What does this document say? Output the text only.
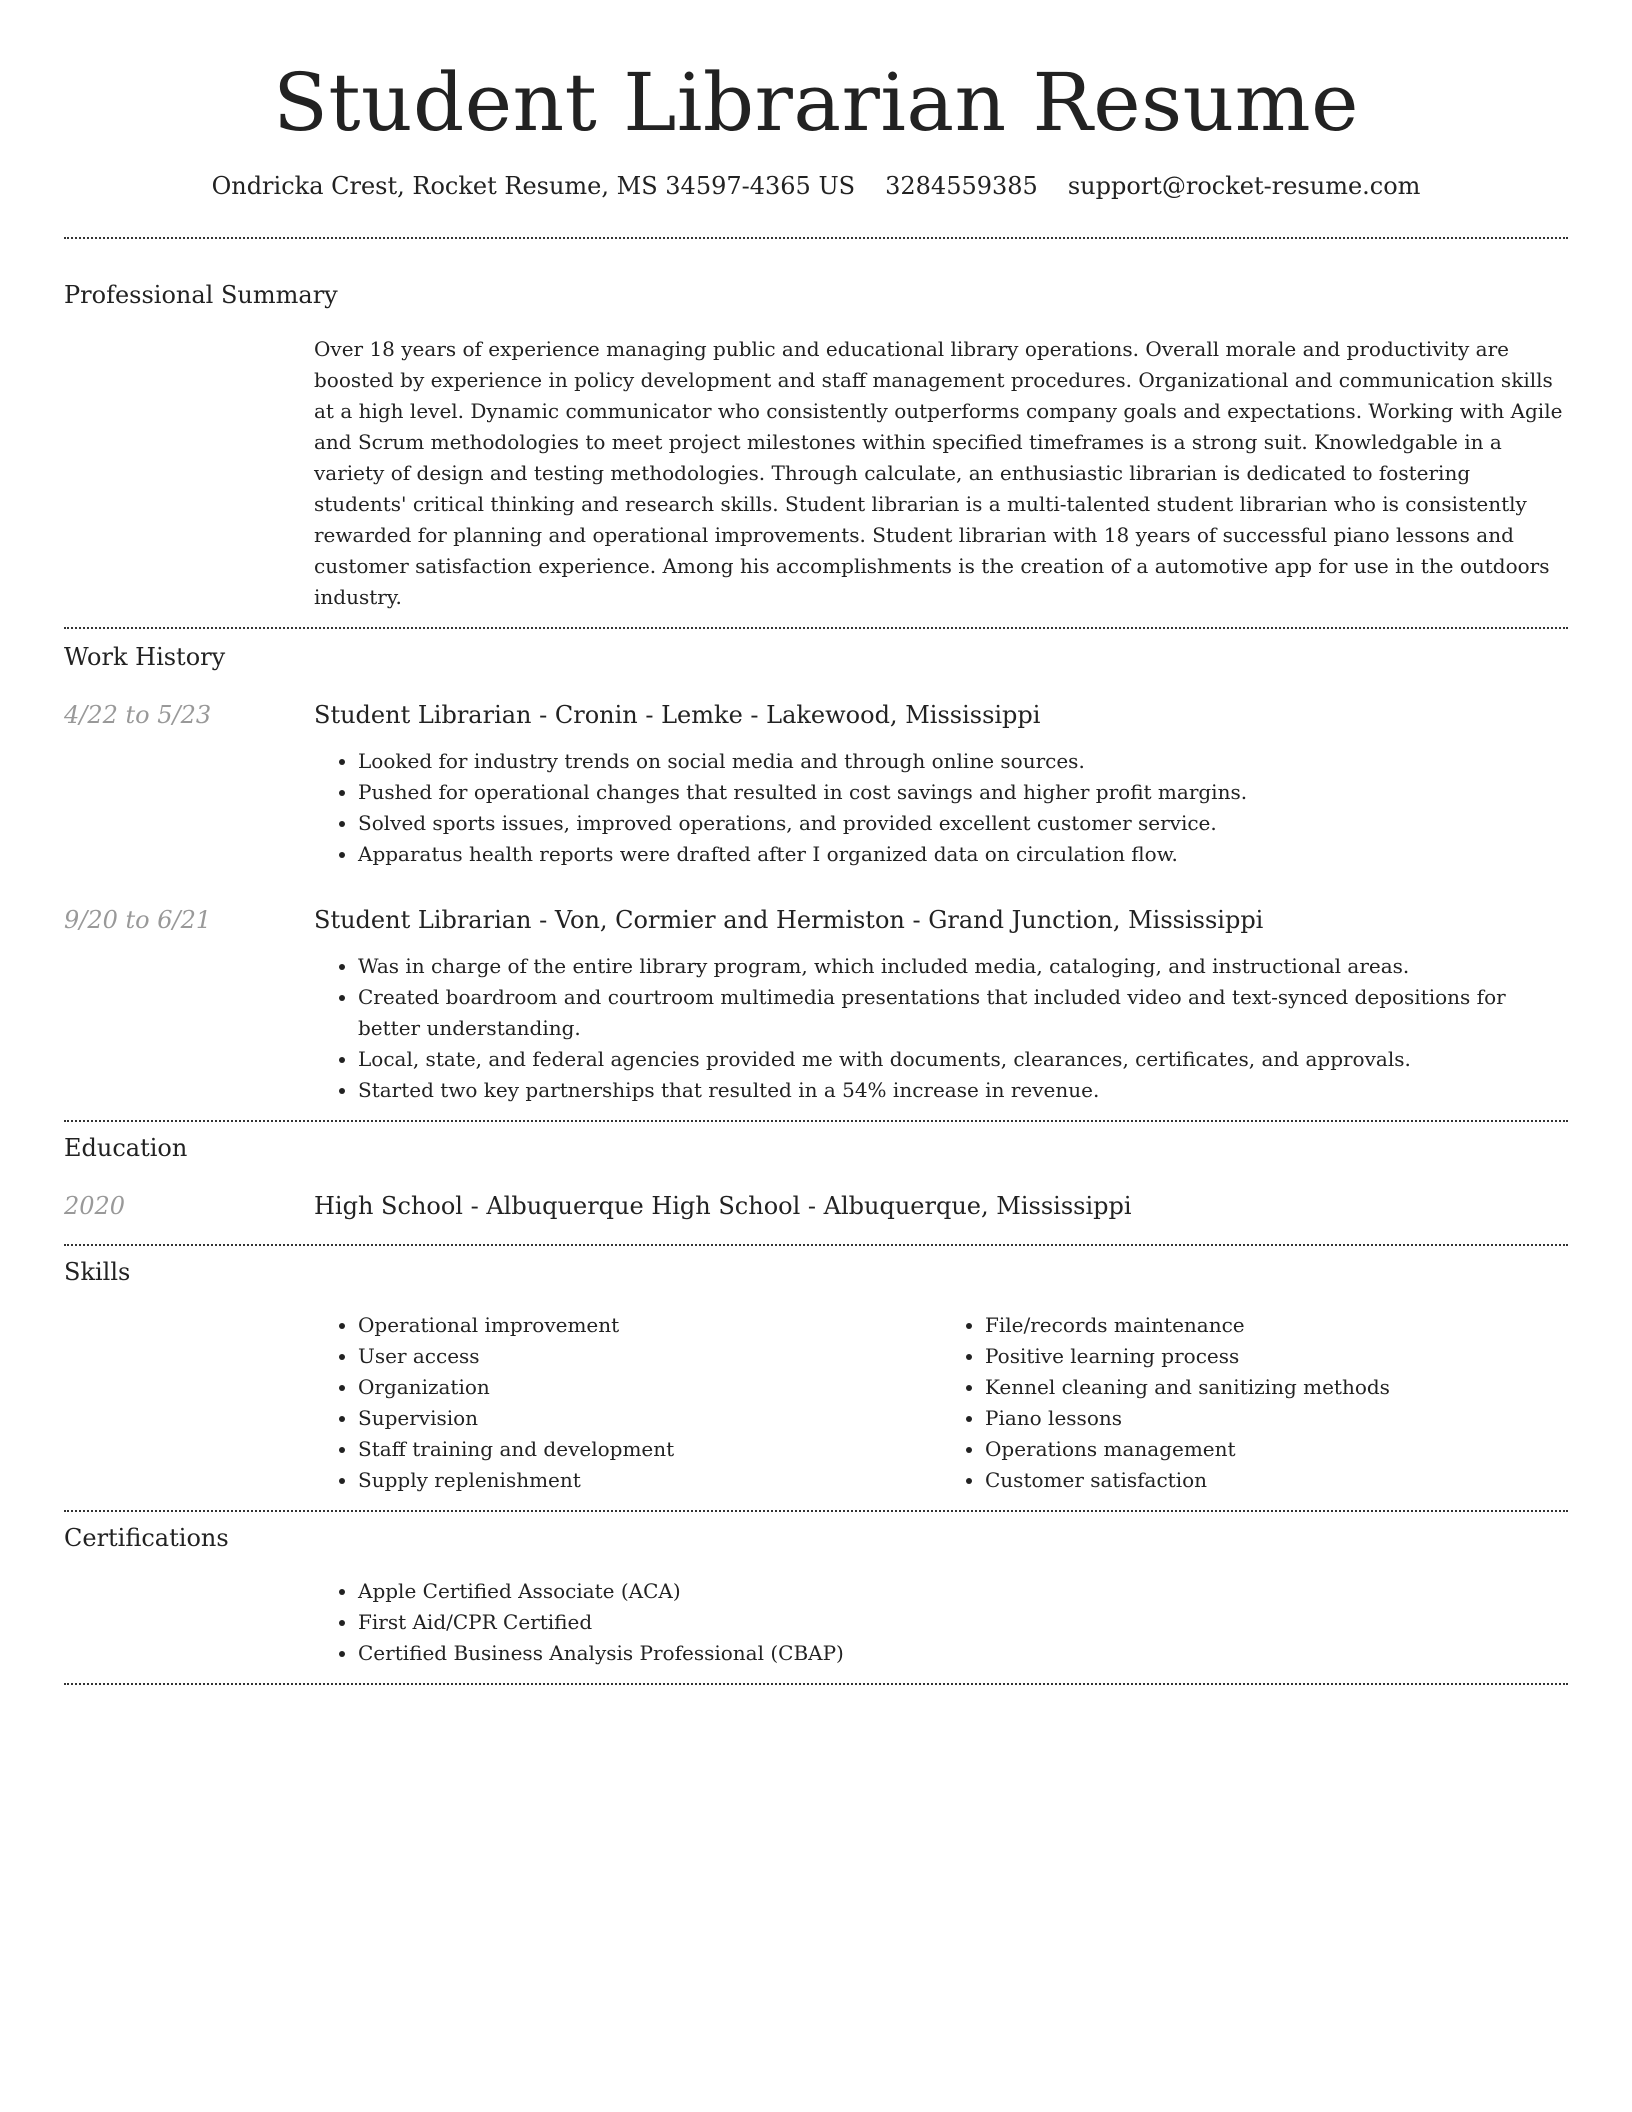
Student Librarian Resume
Ondricka Crest, Rocket Resume, MS 34597-4365 US 3284559385 support@rocket-resume.com
Professional Summary

Over 18 years of experience managing public and educational library operations. Overall morale and productivity are boosted by experience in policy development and staff management procedures. Organizational and communication skills at a high level. Dynamic communicator who consistently outperforms company goals and expectations. Working with Agile and Scrum methodologies to meet project milestones within specified timeframes is a strong suit. Knowledgable in a variety of design and testing methodologies. Through calculate, an enthusiastic librarian is dedicated to fostering students' critical thinking and research skills. Student librarian is a multi-talented student librarian who is consistently rewarded for planning and operational improvements. Student librarian with 18 years of successful piano lessons and customer satisfaction experience. Among his accomplishments is the creation of a automotive app for use in the outdoors industry.

Work History
4/22 to 5/23	Student Librarian - Cronin - Lemke - Lakewood, Mississippi
• Looked for industry trends on social media and through online sources.
• Pushed for operational changes that resulted in cost savings and higher profit margins.
• Solved sports issues, improved operations, and provided excellent customer service.
• Apparatus health reports were drafted after I organized data on circulation flow.
9/20 to 6/21	Student Librarian - Von, Cormier and Hermiston - Grand Junction, Mississippi
• Was in charge of the entire library program, which included media, cataloging, and instructional areas.
• Created boardroom and courtroom multimedia presentations that included video and text-synced depositions for better understanding.
• Local, state, and federal agencies provided me with documents, clearances, certificates, and approvals.
• Started two key partnerships that resulted in a 54% increase in revenue.
Education
2020	High School - Albuquerque High School - Albuquerque, Mississippi
Skills
• Operational improvement
• User access
• Organization
• Supervision
• Staff training and development
• Supply replenishment
• File/records maintenance
• Positive learning process
• Kennel cleaning and sanitizing methods
• Piano lessons
• Operations management
• Customer satisfaction
Certifications
• Apple Certified Associate (ACA)
• First Aid/CPR Certified
• Certified Business Analysis Professional (CBAP)
